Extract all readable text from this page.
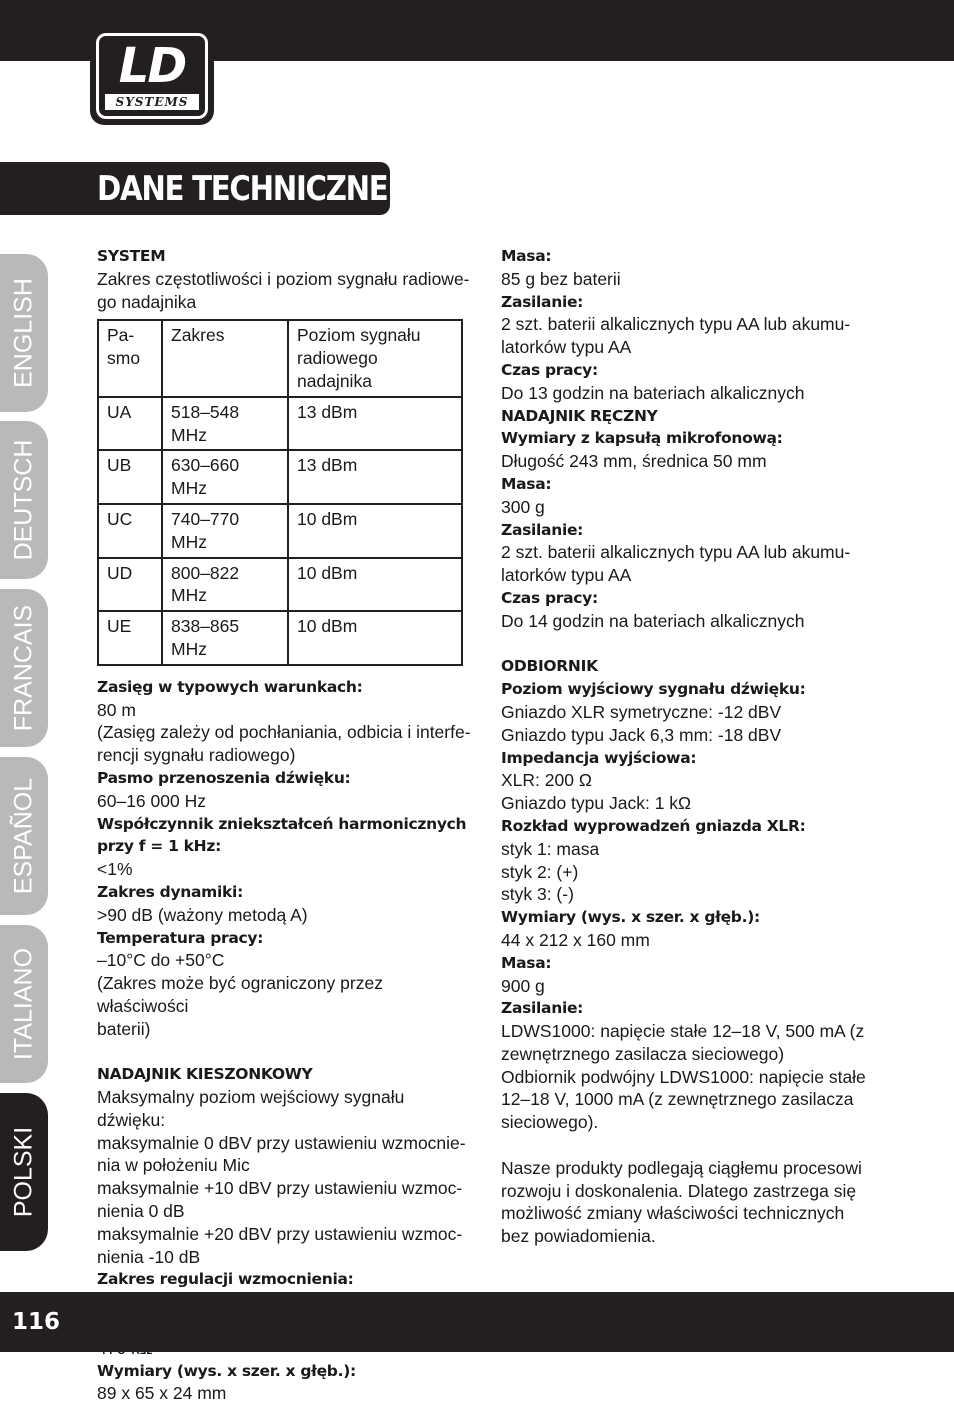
LD
SYSTEMS
DANE TECHNICZNE:
ENGLISH
DEUTSCH
FRANCAIS
ESPAÑOL
ITALIANO
POLSKI

SYSTEM

Zakres częstotliwości i poziom sygnału radiowe-

go nadajnika

Pa-
smo	Zakres	Poziom sygnału radiowego nadajnika
UA	518–548 MHz	13 dBm
UB	630–660 MHz	13 dBm
UC	740–770 MHz	10 dBm
UD	800–822 MHz	10 dBm
UE	838–865 MHz	10 dBm

Zasięg w typowych warunkach:

80 m

(Zasięg zależy od pochłaniania, odbicia i interfe-

rencji sygnału radiowego)

Pasmo przenoszenia dźwięku:

60–16 000 Hz

Współczynnik zniekształceń harmonicznych

przy f = 1 kHz:

<1%

Zakres dynamiki:

>90 dB (ważony metodą A)

Temperatura pracy:

–10°C do +50°C

(Zakres może być ograniczony przez właściwości

baterii)

NADAJNIK KIESZONKOWY

Maksymalny poziom wejściowy sygnału dźwięku:

maksymalnie 0 dBV przy ustawieniu wzmocnie-

nia w położeniu Mic

maksymalnie +10 dBV przy ustawieniu wzmoc-

nienia 0 dB

maksymalnie +20 dBV przy ustawieniu wzmoc-

nienia -10 dB

Zakres regulacji wzmocnienia:

Wymiary (wys. x szer. x głęb.):

89 x 65 x 24 mm

Masa:

85 g bez baterii

Zasilanie:

2 szt. baterii alkalicznych typu AA lub akumu-

latorków typu AA

Czas pracy:

Do 13 godzin na bateriach alkalicznych

NADAJNIK RĘCZNY

Wymiary z kapsułą mikrofonową:

Długość 243 mm, średnica 50 mm

Masa:

300 g

Zasilanie:

2 szt. baterii alkalicznych typu AA lub akumu-

latorków typu AA

Czas pracy:

Do 14 godzin na bateriach alkalicznych

ODBIORNIK

Poziom wyjściowy sygnału dźwięku:

Gniazdo XLR symetryczne: -12 dBV

Gniazdo typu Jack 6,3 mm: -18 dBV

Impedancja wyjściowa:

XLR: 200 Ω

Gniazdo typu Jack: 1 kΩ

Rozkład wyprowadzeń gniazda XLR:

styk 1: masa

styk 2: (+)

styk 3: (-)

Wymiary (wys. x szer. x głęb.):

44 x 212 x 160 mm

Masa:

900 g

Zasilanie:

LDWS1000: napięcie stałe 12–18 V, 500 mA (z

zewnętrznego zasilacza sieciowego)

Odbiornik podwójny LDWS1000: napięcie stałe

12–18 V, 1000 mA (z zewnętrznego zasilacza

sieciowego).

Nasze produkty podlegają ciągłemu procesowi

rozwoju i doskonalenia. Dlatego zastrzega się

możliwość zmiany właściwości technicznych

bez powiadomienia.

116
